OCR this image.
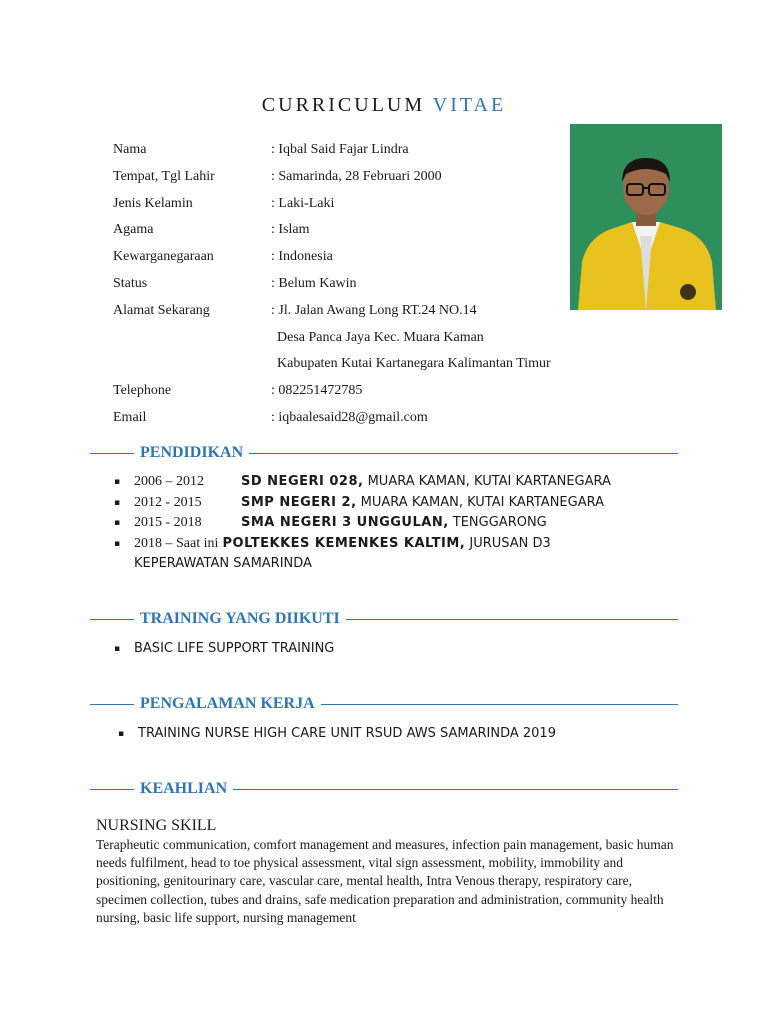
CURRICULUM VITAE
Nama	: Iqbal Said Fajar Lindra
Tempat, Tgl Lahir	: Samarinda, 28 Februari 2000
Jenis Kelamin	: Laki-Laki
Agama	: Islam
Kewarganegaraan	: Indonesia
Status	: Belum Kawin
Alamat Sekarang	: Jl. Jalan Awang Long RT.24 NO.14
Desa Panca Jaya Kec. Muara Kaman
Kabupaten Kutai Kartanegara Kalimantan Timur
Telephone	: 082251472785
Email	: iqbaalesaid28@gmail.com
PENDIDIKAN
▪ 2006 – 2012	SD NEGERI 028, MUARA KAMAN, KUTAI KARTANEGARA
▪ 2012 - 2015	SMP NEGERI 2, MUARA KAMAN, KUTAI KARTANEGARA
▪ 2015 - 2018	SMA NEGERI 3 UNGGULAN, TENGGARONG
▪ 2018 – Saat ini POLTEKKES KEMENKES KALTIM, JURUSAN D3
KEPERAWATAN SAMARINDA
TRAINING YANG DIIKUTI
▪	BASIC LIFE SUPPORT TRAINING
PENGALAMAN KERJA
▪	TRAINING NURSE HIGH CARE UNIT RSUD AWS SAMARINDA 2019
KEAHLIAN
NURSING SKILL
Terapheutic communication, comfort management and measures, infection pain management, basic human needs fulfilment, head to toe physical assessment, vital sign assessment, mobility, immobility and positioning, genitourinary care, vascular care, mental health, Intra Venous therapy, respiratory care, specimen collection, tubes and drains, safe medication preparation and administration, community health nursing, basic life support, nursing management
